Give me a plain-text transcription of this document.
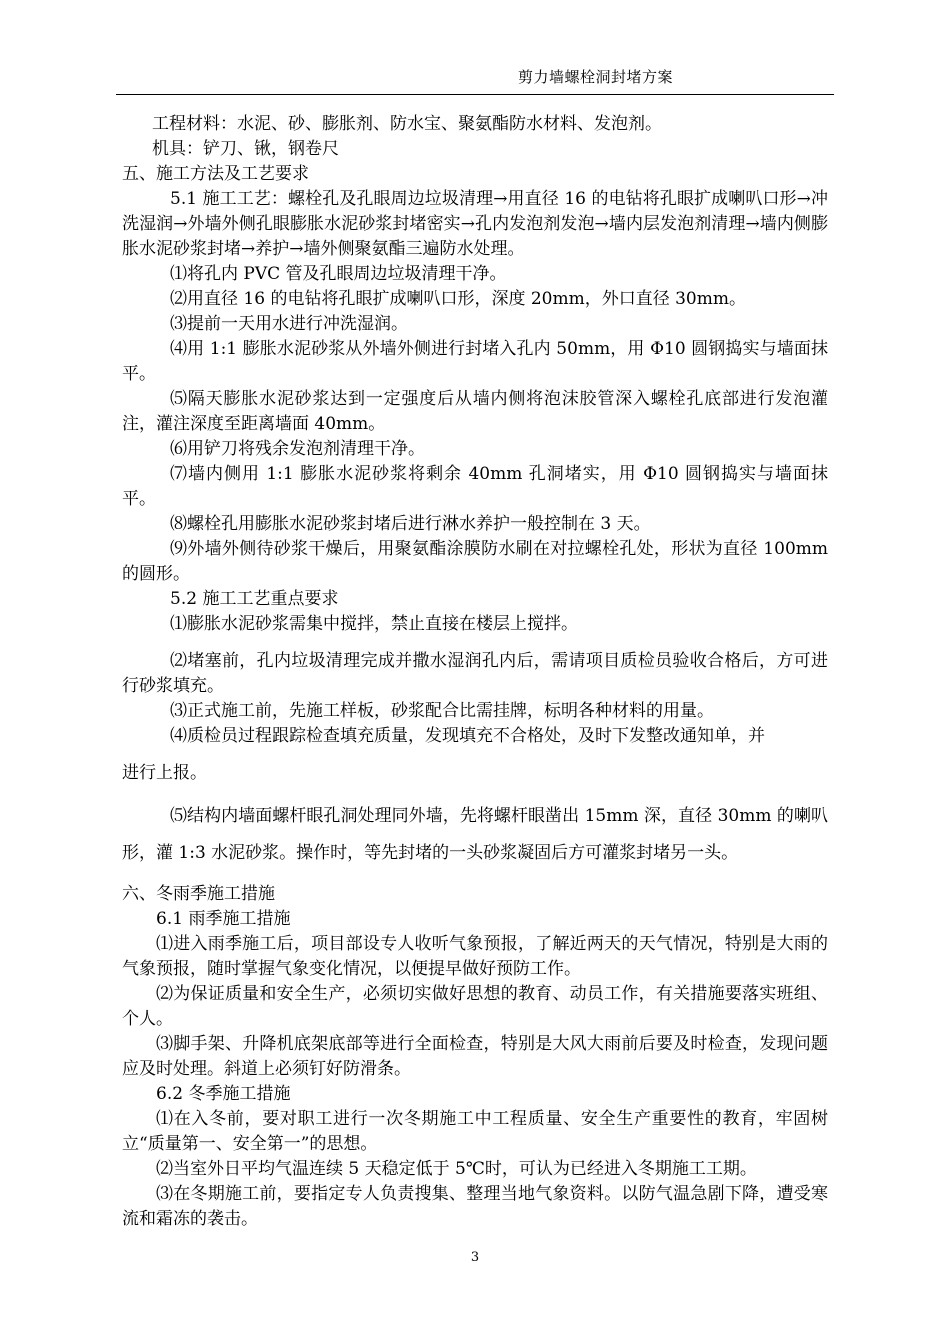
剪力墙螺栓洞封堵方案

工程材料：水泥、砂、膨胀剂、防水宝、聚氨酯防水材料、发泡剂。

机具：铲刀、锹，钢卷尺

五、施工方法及工艺要求

5.1 施工工艺：螺栓孔及孔眼周边垃圾清理→用直径 16 的电钻将孔眼扩成喇叭口形→冲洗湿润→外墙外侧孔眼膨胀水泥砂浆封堵密实→孔内发泡剂发泡→墙内层发泡剂清理→墙内侧膨胀水泥砂浆封堵→养护→墙外侧聚氨酯三遍防水处理。

⑴将孔内 PVC 管及孔眼周边垃圾清理干净。

⑵用直径 16 的电钻将孔眼扩成喇叭口形，深度 20mm，外口直径 30mm。

⑶提前一天用水进行冲洗湿润。

⑷用 1:1 膨胀水泥砂浆从外墙外侧进行封堵入孔内 50mm，用 Φ10 圆钢捣实与墙面抹平。

⑸隔天膨胀水泥砂浆达到一定强度后从墙内侧将泡沫胶管深入螺栓孔底部进行发泡灌注，灌注深度至距离墙面 40mm。

⑹用铲刀将残余发泡剂清理干净。

⑺墙内侧用 1:1 膨胀水泥砂浆将剩余 40mm 孔洞堵实，用 Φ10 圆钢捣实与墙面抹平。

⑻螺栓孔用膨胀水泥砂浆封堵后进行淋水养护一般控制在 3 天。

⑼外墙外侧待砂浆干燥后，用聚氨酯涂膜防水刷在对拉螺栓孔处，形状为直径 100mm 的圆形。

5.2 施工工艺重点要求

⑴膨胀水泥砂浆需集中搅拌，禁止直接在楼层上搅拌。

⑵堵塞前，孔内垃圾清理完成并撒水湿润孔内后，需请项目质检员验收合格后，方可进行砂浆填充。

⑶正式施工前，先施工样板，砂浆配合比需挂牌，标明各种材料的用量。

⑷质检员过程跟踪检查填充质量，发现填充不合格处，及时下发整改通知单，并

进行上报。

⑸结构内墙面螺杆眼孔洞处理同外墙，先将螺杆眼凿出 15mm 深，直径 30mm 的喇叭形，灌 1:3 水泥砂浆。操作时，等先封堵的一头砂浆凝固后方可灌浆封堵另一头。

六、冬雨季施工措施

6.1 雨季施工措施

⑴进入雨季施工后，项目部设专人收听气象预报，了解近两天的天气情况，特别是大雨的气象预报，随时掌握气象变化情况，以便提早做好预防工作。

⑵为保证质量和安全生产，必须切实做好思想的教育、动员工作，有关措施要落实班组、个人。

⑶脚手架、升降机底架底部等进行全面检查，特别是大风大雨前后要及时检查，发现问题应及时处理。斜道上必须钉好防滑条。

6.2 冬季施工措施

⑴在入冬前，要对职工进行一次冬期施工中工程质量、安全生产重要性的教育，牢固树立“质量第一、安全第一”的思想。

⑵当室外日平均气温连续 5 天稳定低于 5℃时，可认为已经进入冬期施工工期。

⑶在冬期施工前，要指定专人负责搜集、整理当地气象资料。以防气温急剧下降，遭受寒流和霜冻的袭击。

3
